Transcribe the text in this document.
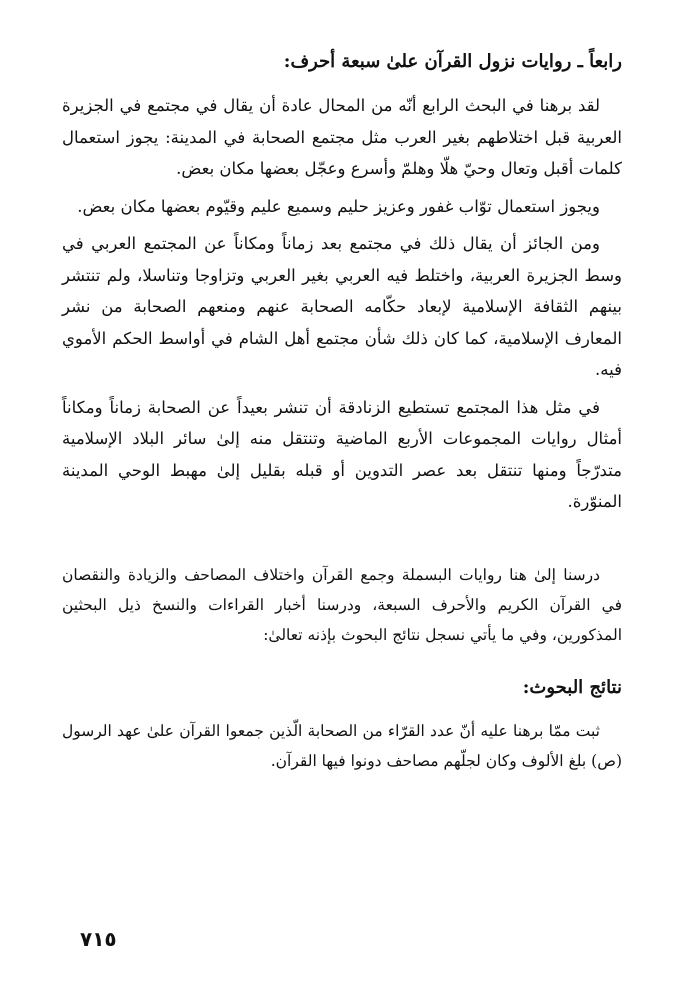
رابعاً ـ روايات نزول القرآن علىٰ سبعة أحرف:

لقد برهنا في البحث الرابع أنّه من المحال عادة أن يقال في مجتمع في الجزيرة العربية قبل اختلاطهم بغير العرب مثل مجتمع الصحابة في المدينة: يجوز استعمال كلمات أقبل وتعال وحيّ هلّا وهلمّ وأسرع وعجّل بعضها مكان بعض.

ويجوز استعمال توّاب غفور وعزيز حليم وسميع عليم وقيّوم بعضها مكان بعض.

ومن الجائز أن يقال ذلك في مجتمع بعد زماناً ومكاناً عن المجتمع العربي في وسط الجزيرة العربية، واختلط فيه العربي بغير العربي وتزاوجا وتناسلا، ولم تنتشر بينهم الثقافة الإسلامية لإبعاد حكّامه الصحابة عنهم ومنعهم الصحابة من نشر المعارف الإسلامية، كما كان ذلك شأن مجتمع أهل الشام في أواسط الحكم الأموي فيه.

في مثل هذا المجتمع تستطيع الزنادقة أن تنشر بعيداً عن الصحابة زماناً ومكاناً أمثال روايات المجموعات الأربع الماضية وتنتقل منه إلىٰ سائر البلاد الإسلامية متدرّجاً ومنها تنتقل بعد عصر التدوين أو قبله بقليل إلىٰ مهبط الوحي المدينة المنوّرة.

درسنا إلىٰ هنا روايات البسملة وجمع القرآن واختلاف المصاحف والزيادة والنقصان في القرآن الكريم والأحرف السبعة، ودرسنا أخبار القراءات والنسخ ذيل البحثين المذكورين، وفي ما يأتي نسجل نتائج البحوث بإذنه تعالىٰ:

نتائج البحوث:

ثبت ممّا برهنا عليه أنّ عدد القرّاء من الصحابة الّذين جمعوا القرآن علىٰ عهد الرسول (ص) بلغ الألوف وكان لجلّهم مصاحف دونوا فيها القرآن.

٧١٥
